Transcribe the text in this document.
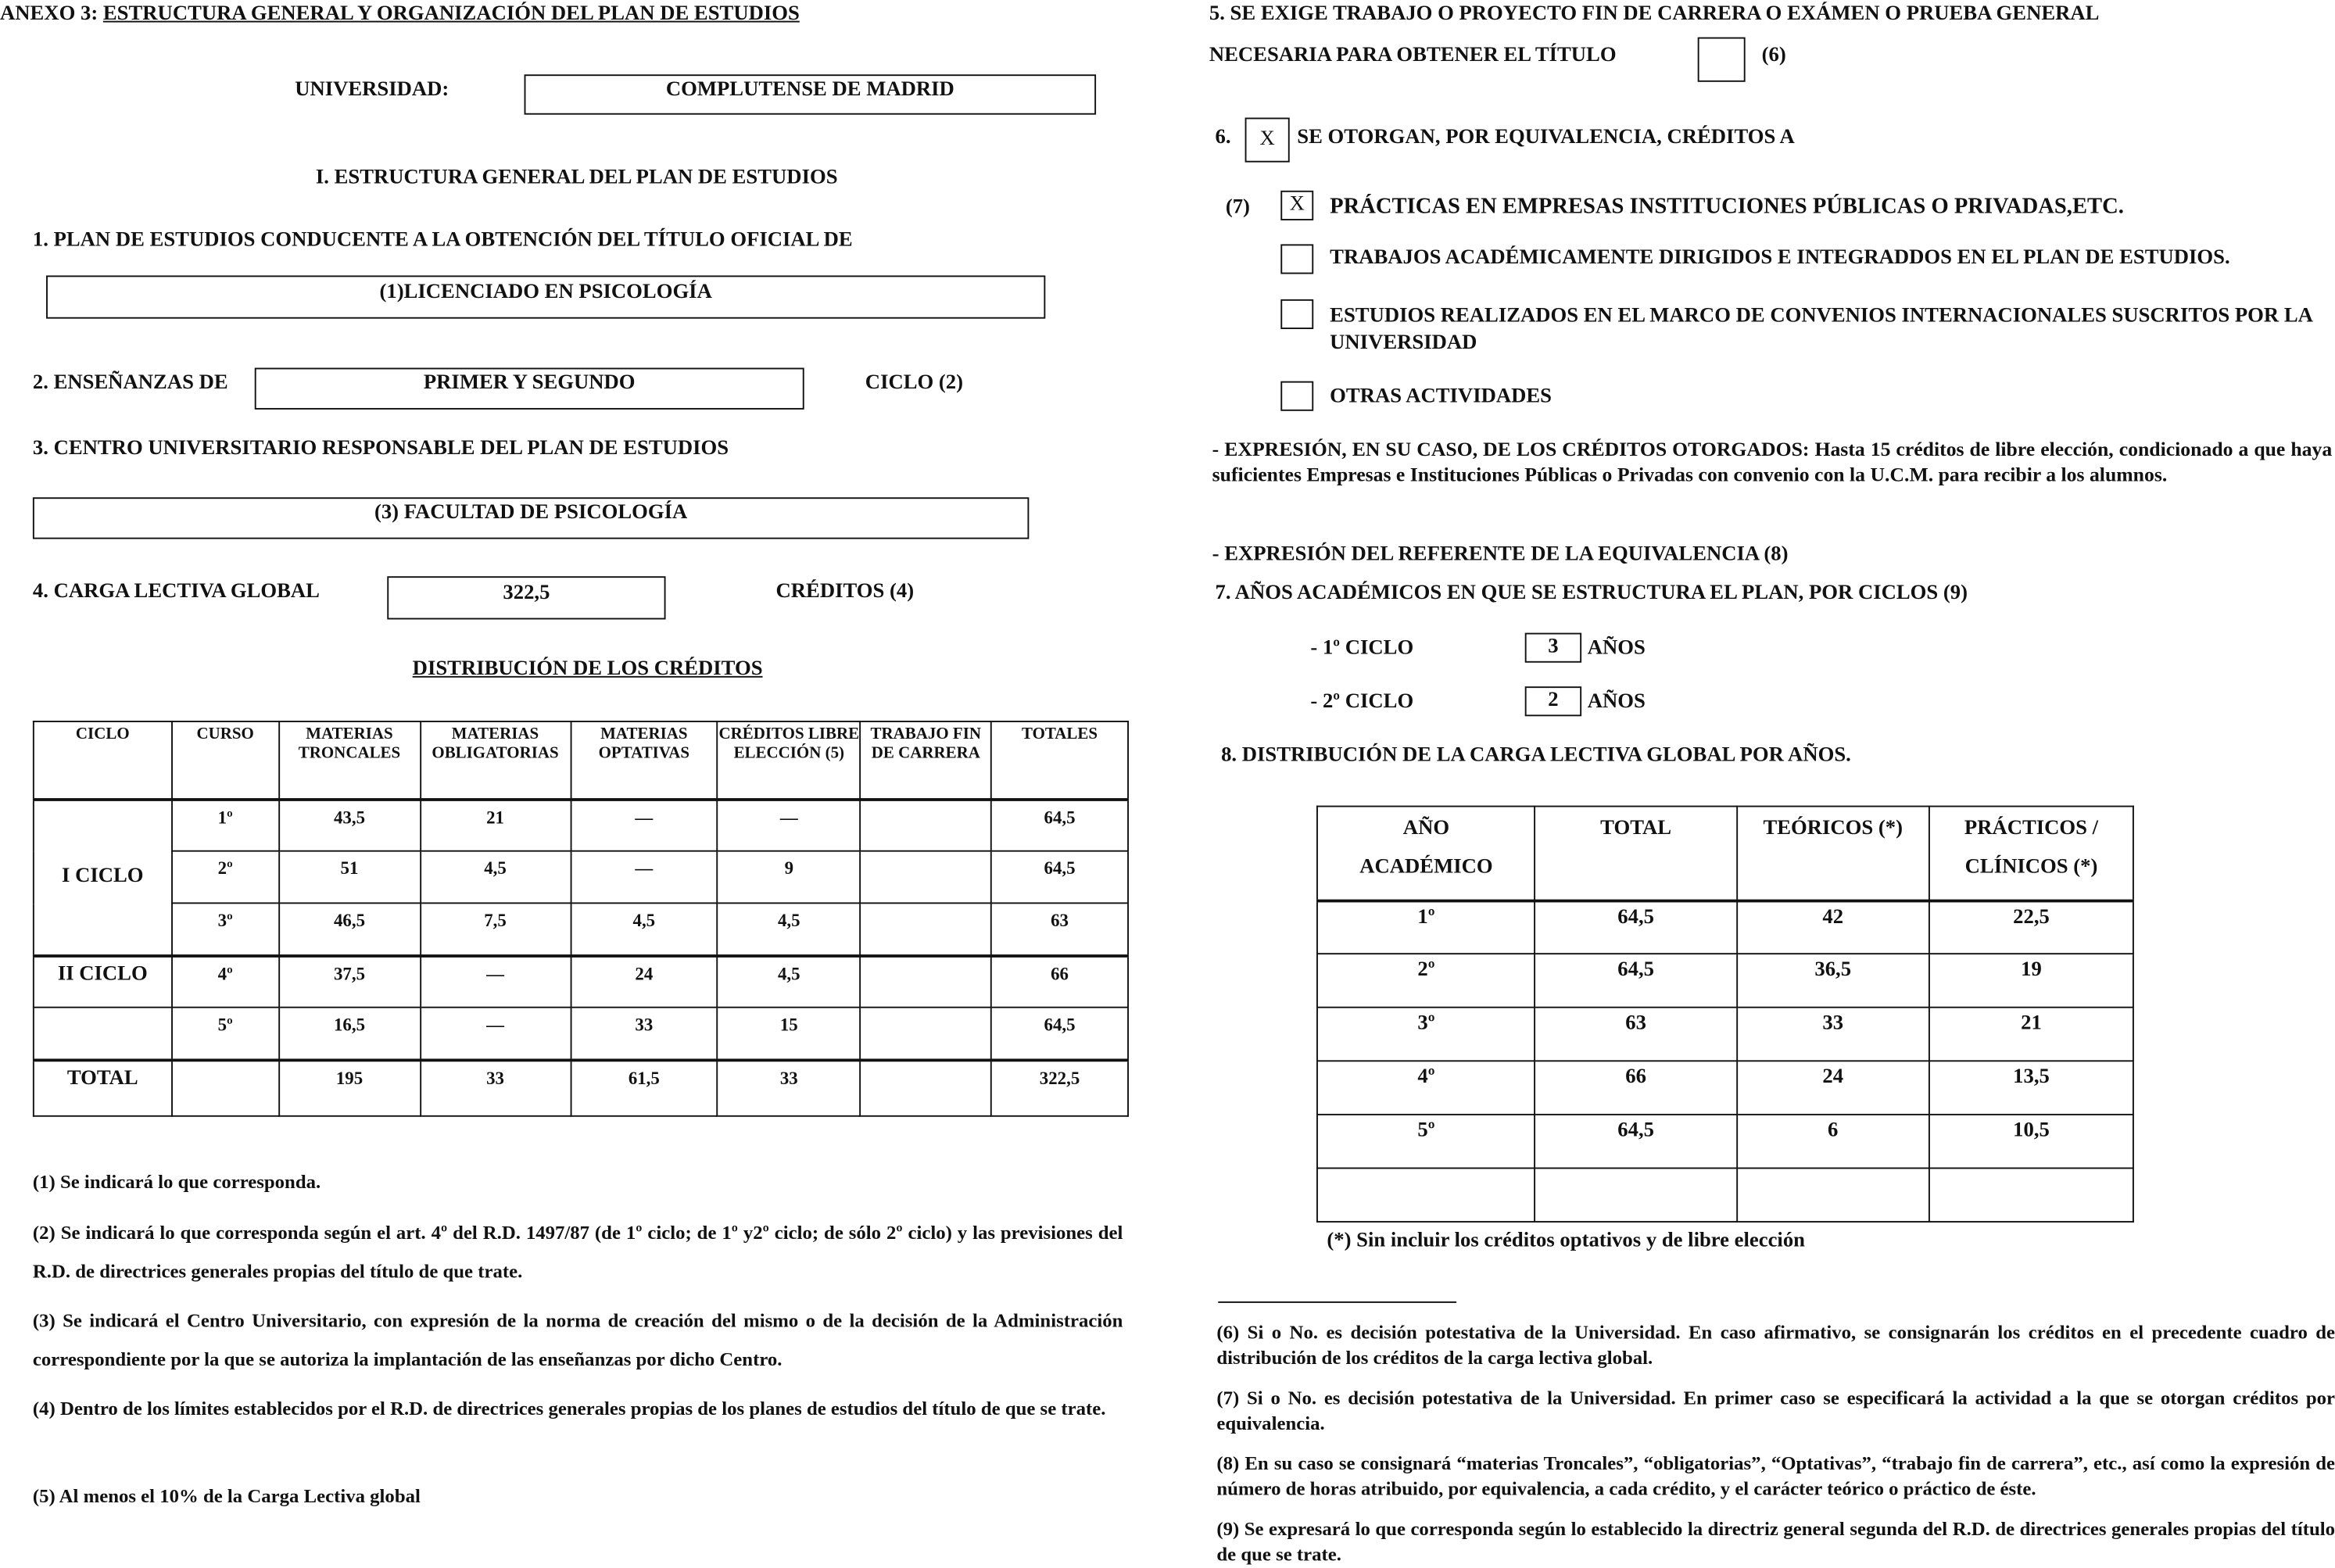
ANEXO 3: ESTRUCTURA GENERAL Y ORGANIZACIÓN DEL PLAN DE ESTUDIOS
UNIVERSIDAD:	COMPLUTENSE DE MADRID
I. ESTRUCTURA GENERAL DEL PLAN DE ESTUDIOS
1. PLAN DE ESTUDIOS CONDUCENTE A LA OBTENCIÓN DEL TÍTULO OFICIAL DE
(1)LICENCIADO EN PSICOLOGÍA
2. ENSEÑANZAS DE	PRIMER Y SEGUNDO	CICLO (2)
3. CENTRO UNIVERSITARIO RESPONSABLE DEL PLAN DE ESTUDIOS
(3) FACULTAD DE PSICOLOGÍA
4. CARGA LECTIVA GLOBAL	322,5	CRÉDITOS (4)
DISTRIBUCIÓN DE LOS CRÉDITOS
CICLO	CURSO	MATERIAS TRONCALES	MATERIAS OBLIGATORIAS	MATERIAS OPTATIVAS	CRÉDITOS LIBRE ELECCIÓN (5)	TRABAJO FIN DE CARRERA	TOTALES
I CICLO	1º	43,5	21	—	—		64,5
	2º	51	4,5	—	9		64,5
	3º	46,5	7,5	4,5	4,5		63
II CICLO	4º	37,5	—	24	4,5		66
	5º	16,5	—	33	15		64,5
TOTAL		195	33	61,5	33		322,5
(1) Se indicará lo que corresponda.
(2) Se indicará lo que corresponda según el art. 4º del R.D. 1497/87 (de 1º ciclo; de 1º y2º ciclo; de sólo 2º ciclo) y las previsiones del R.D. de directrices generales propias del título de que trate.
(3) Se indicará el Centro Universitario, con expresión de la norma de creación del mismo o de la decisión de la Administración correspondiente por la que se autoriza la implantación de las enseñanzas por dicho Centro.
(4) Dentro de los límites establecidos por el R.D. de directrices generales propias de los planes de estudios del título de que se trate.
(5) Al menos el 10% de la Carga Lectiva global
5. SE EXIGE TRABAJO O PROYECTO FIN DE CARRERA O EXÁMEN O PRUEBA GENERAL
NECESARIA PARA OBTENER EL TÍTULO	(6)
6.	X	SE OTORGAN, POR EQUIVALENCIA, CRÉDITOS A
(7)	X	PRÁCTICAS EN EMPRESAS INSTITUCIONES PÚBLICAS O PRIVADAS,ETC.
TRABAJOS ACADÉMICAMENTE DIRIGIDOS E INTEGRADDOS EN EL PLAN DE ESTUDIOS.
ESTUDIOS REALIZADOS EN EL MARCO DE CONVENIOS INTERNACIONALES SUSCRITOS POR LA UNIVERSIDAD
OTRAS ACTIVIDADES
- EXPRESIÓN, EN SU CASO, DE LOS CRÉDITOS OTORGADOS: Hasta 15 créditos de libre elección, condicionado a que haya suficientes Empresas e Instituciones Públicas o Privadas con convenio con la U.C.M. para recibir a los alumnos.
- EXPRESIÓN DEL REFERENTE DE LA EQUIVALENCIA (8)
7. AÑOS ACADÉMICOS EN QUE SE ESTRUCTURA EL PLAN, POR CICLOS (9)
- 1º CICLO	3	AÑOS
- 2º CICLO	2	AÑOS
8. DISTRIBUCIÓN DE LA CARGA LECTIVA GLOBAL POR AÑOS.
AÑO ACADÉMICO	TOTAL	TEÓRICOS (*)	PRÁCTICOS / CLÍNICOS (*)
1º	64,5	42	22,5
2º	64,5	36,5	19
3º	63	33	21
4º	66	24	13,5
5º	64,5	6	10,5

(*) Sin incluir los créditos optativos y de libre elección
(6) Si o No. es decisión potestativa de la Universidad. En caso afirmativo, se consignarán los créditos en el precedente cuadro de distribución de los créditos de la carga lectiva global.
(7) Si o No. es decisión potestativa de la Universidad. En primer caso se especificará la actividad a la que se otorgan créditos por equivalencia.
(8) En su caso se consignará “materias Troncales”, “obligatorias”, “Optativas”, “trabajo fin de carrera”, etc., así como la expresión de número de horas atribuido, por equivalencia, a cada crédito, y el carácter teórico o práctico de éste.
(9) Se expresará lo que corresponda según lo establecido la directriz general segunda del R.D. de directrices generales propias del título de que se trate.
